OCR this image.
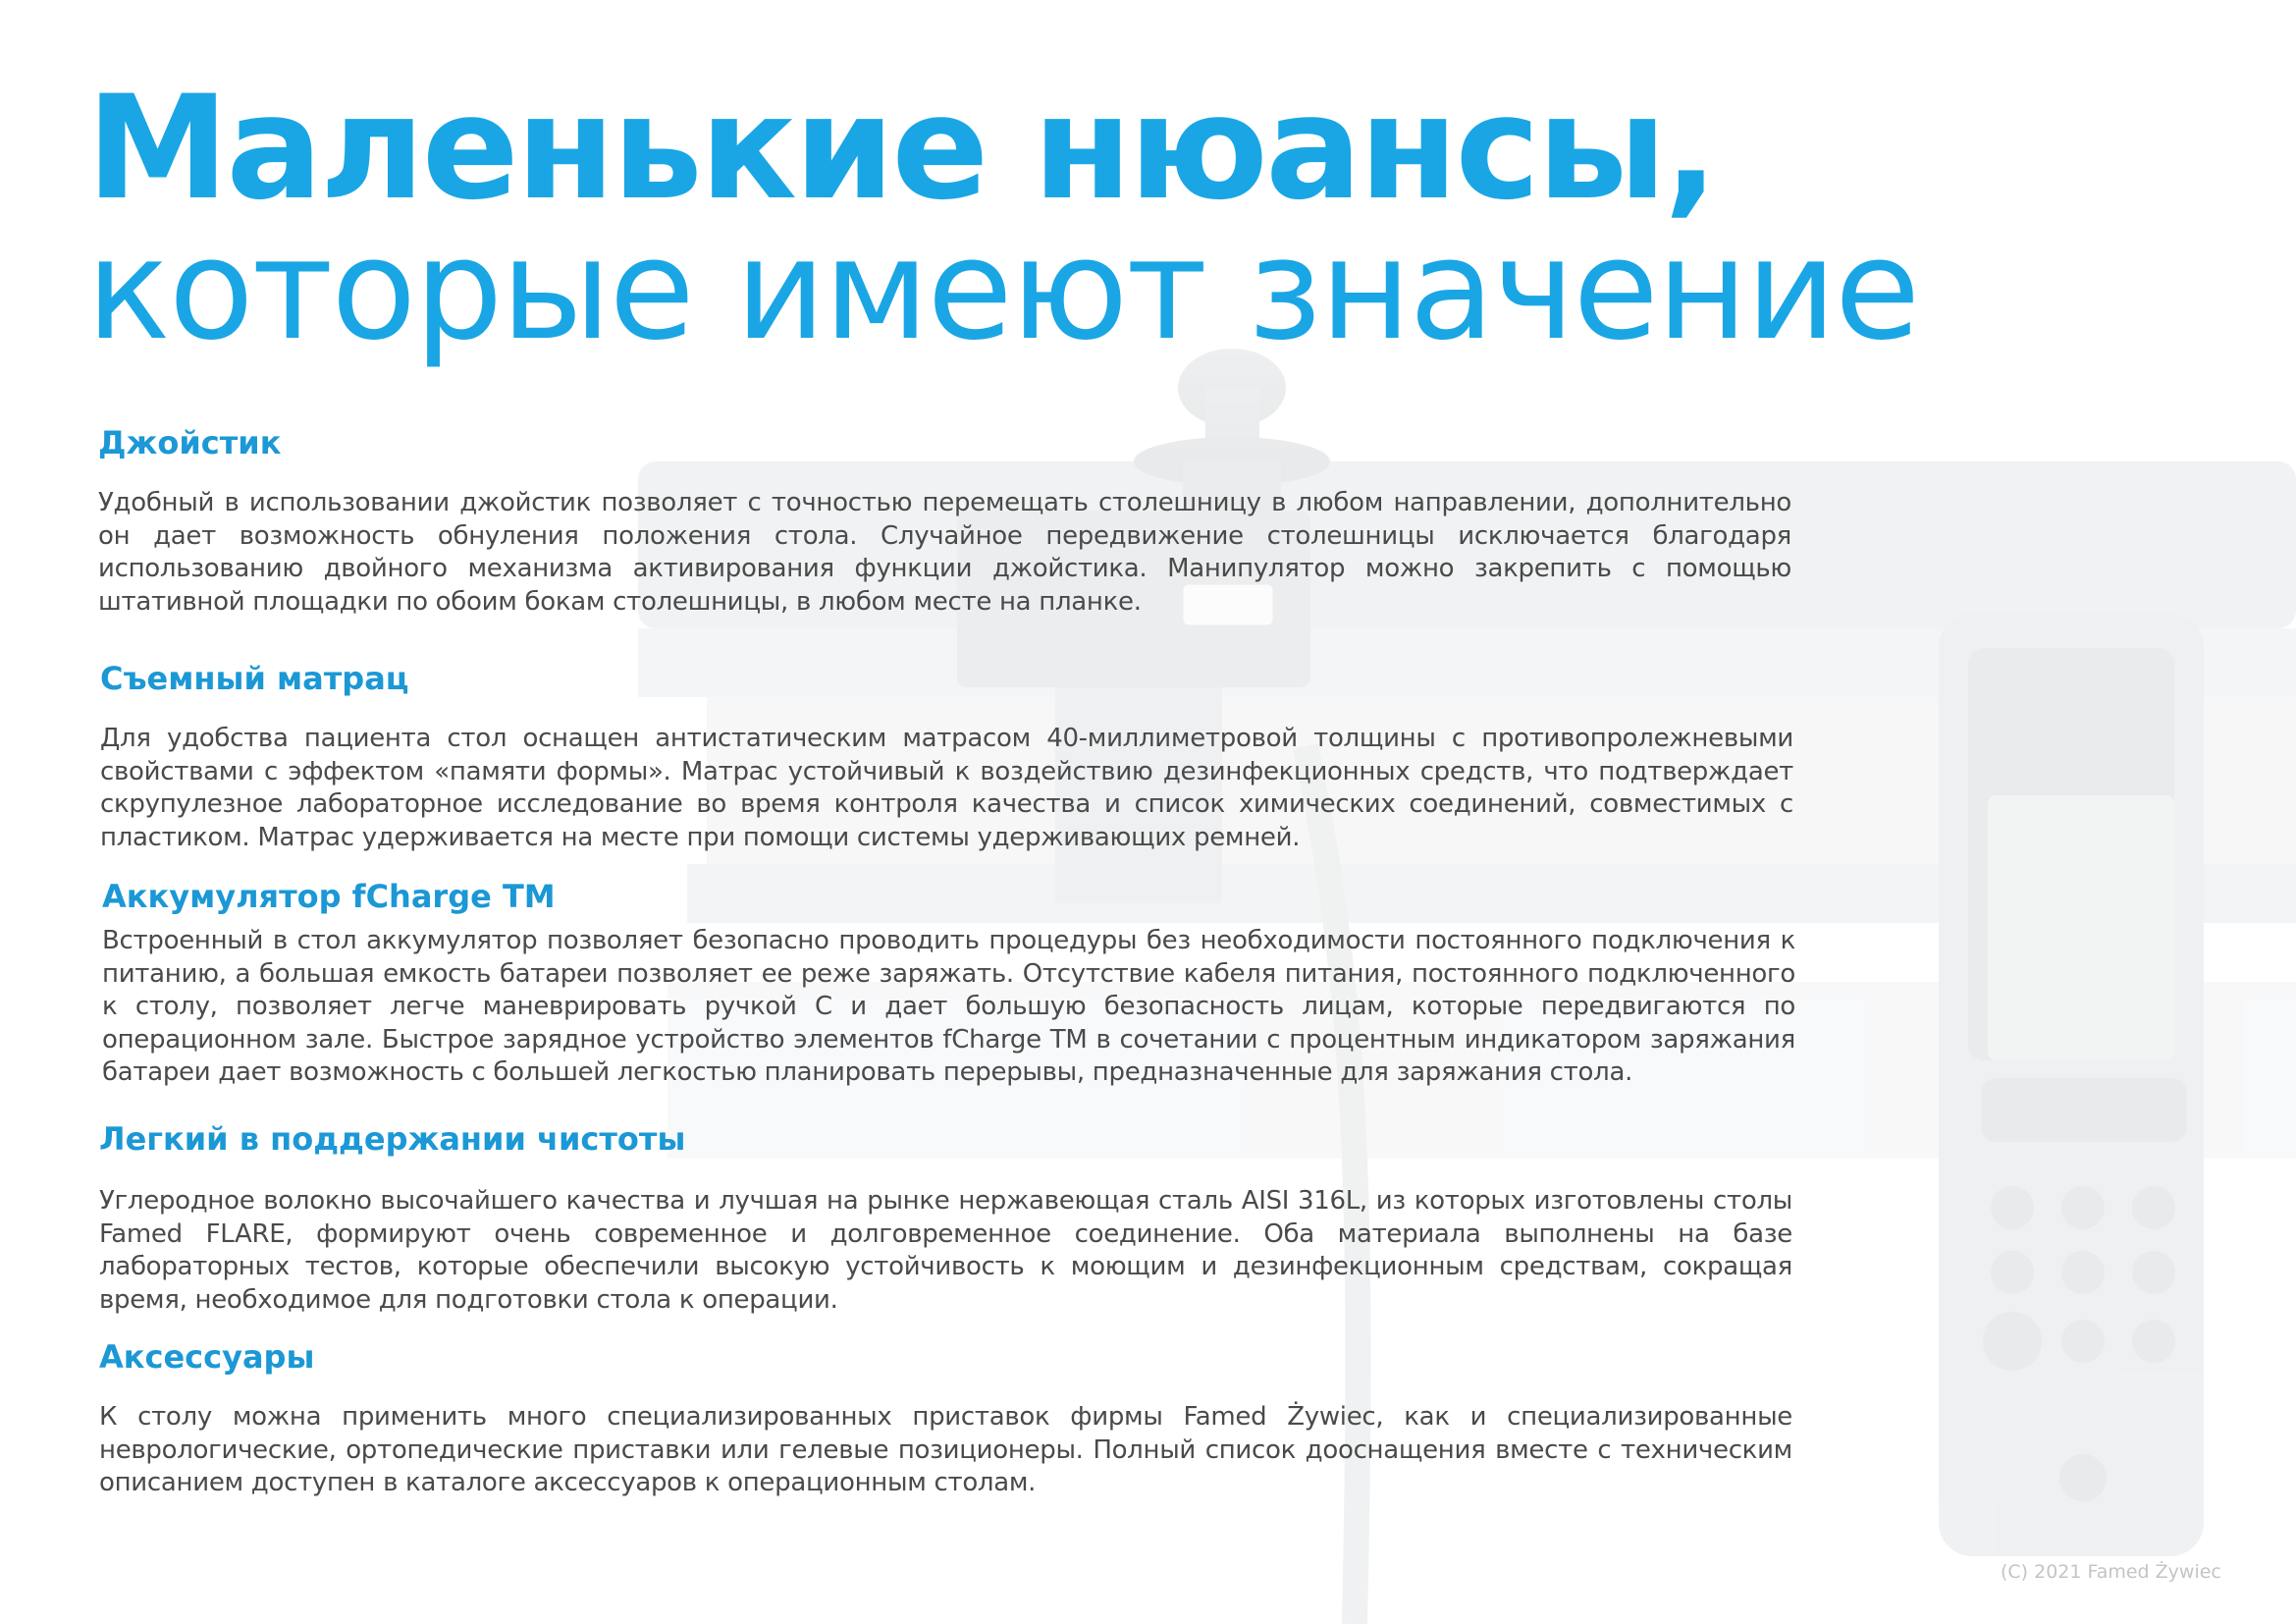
Маленькие нюансы,
которые имеют значение
Джойстик

Удобный в использовании джойстик позволяет с точностью перемещать столешницу в любом направлении, дополнительно он дает возможность обнуления положения стола. Случайное передвижение столешницы исключается благодаря использованию двойного механизма активирования функции джойстика. Манипулятор можно закрепить с помощью штативной площадки по обоим бокам столешницы, в любом месте на планке.

Съемный матрац

Для удобства пациента стол оснащен антистатическим матрасом 40-миллиметровой толщины с противопролежневыми свойствами с эффектом «памяти формы». Матрас устойчивый к воздействию дезинфекционных средств, что подтверждает скрупулезное лабораторное исследование во время контроля качества и список химических соединений, совместимых с пластиком. Матрас удерживается на месте при помощи системы удерживающих ремней.

Аккумулятор fCharge TM

Встроенный в стол аккумулятор позволяет безопасно проводить процедуры без необходимости постоянного подключения к питанию, а большая емкость батареи позволяет ее реже заряжать. Отсутствие кабеля питания, постоянного подключенного к столу, позволяет легче маневрировать ручкой С и дает большую безопасность лицам, которые передвигаются по операционном зале. Быстрое зарядное устройство элементов fCharge TM в сочетании с процентным индикатором заряжания батареи дает возможность с большей легкостью планировать перерывы, предназначенные для заряжания стола.

Легкий в поддержании чистоты

Углеродное волокно высочайшего качества и лучшая на рынке нержавеющая сталь AISI 316L, из которых изготовлены столы Famed FLARE, формируют очень современное и долговременное соединение. Оба материала выполнены на базе лабораторных тестов, которые обеспечили высокую устойчивость к моющим и дезинфекционным средствам, сокращая время, необходимое для подготовки стола к операции.

Аксессуары

К столу можна применить много специализированных приставок фирмы Famed Żywiec, как и специализированные неврологические, ортопедические приставки или гелевые позиционеры. Полный список дооснащения вместе с техническим описанием доступен в каталоге аксессуаров к операционным столам.

(C) 2021 Famed Żywiec
